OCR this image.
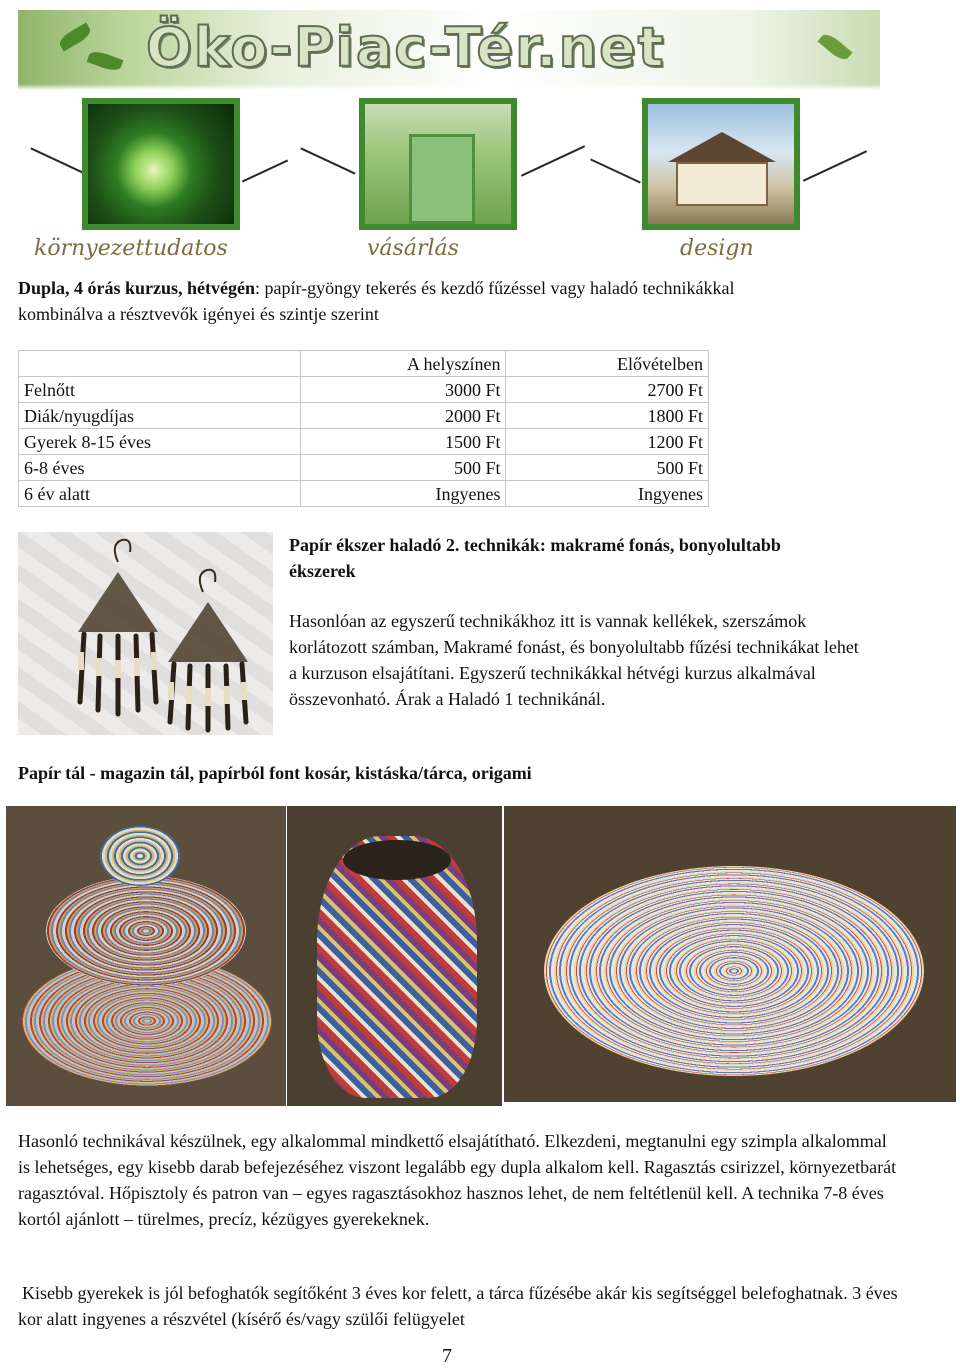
Öko-Piac-Tér.net
környezettudatos	vásárlás	design
Dupla, 4 órás kurzus, hétvégén: papír-gyöngy tekerés és kezdő fűzéssel vagy haladó technikákkal kombinálva a résztvevők igényei és szintje szerint
	A helyszínen	Elővételben
Felnőtt	3000 Ft	2700 Ft
Diák/nyugdíjas	2000 Ft	1800 Ft
Gyerek 8-15 éves	1500 Ft	1200 Ft
6-8 éves	500 Ft	500 Ft
6 év alatt	Ingyenes	Ingyenes
Papír ékszer haladó 2. technikák: makramé fonás, bonyolultabb ékszerek
Hasonlóan az egyszerű technikákhoz itt is vannak kellékek, szerszámok korlátozott számban, Makramé fonást, és bonyolultabb fűzési technikákat lehet a kurzuson elsajátítani. Egyszerű technikákkal hétvégi kurzus alkalmával összevonható. Árak a Haladó 1 technikánál.
Papír tál - magazin tál, papírból font kosár, kistáska/tárca, origami
Hasonló technikával készülnek, egy alkalommal mindkettő elsajátítható. Elkezdeni, megtanulni egy szimpla alkalommal is lehetséges, egy kisebb darab befejezéséhez viszont legalább egy dupla alkalom kell. Ragasztás csirizzel, környezetbarát ragasztóval. Hőpisztoly és patron van – egyes ragasztásokhoz hasznos lehet, de nem feltétlenül kell. A technika 7-8 éves kortól ajánlott – türelmes, precíz, kézügyes gyerekeknek.
Kisebb gyerekek is jól befoghatók segítőként 3 éves kor felett, a tárca fűzésébe akár kis segítséggel belefoghatnak. 3 éves kor alatt ingyenes a részvétel (kísérő és/vagy szülői felügyelet
7
